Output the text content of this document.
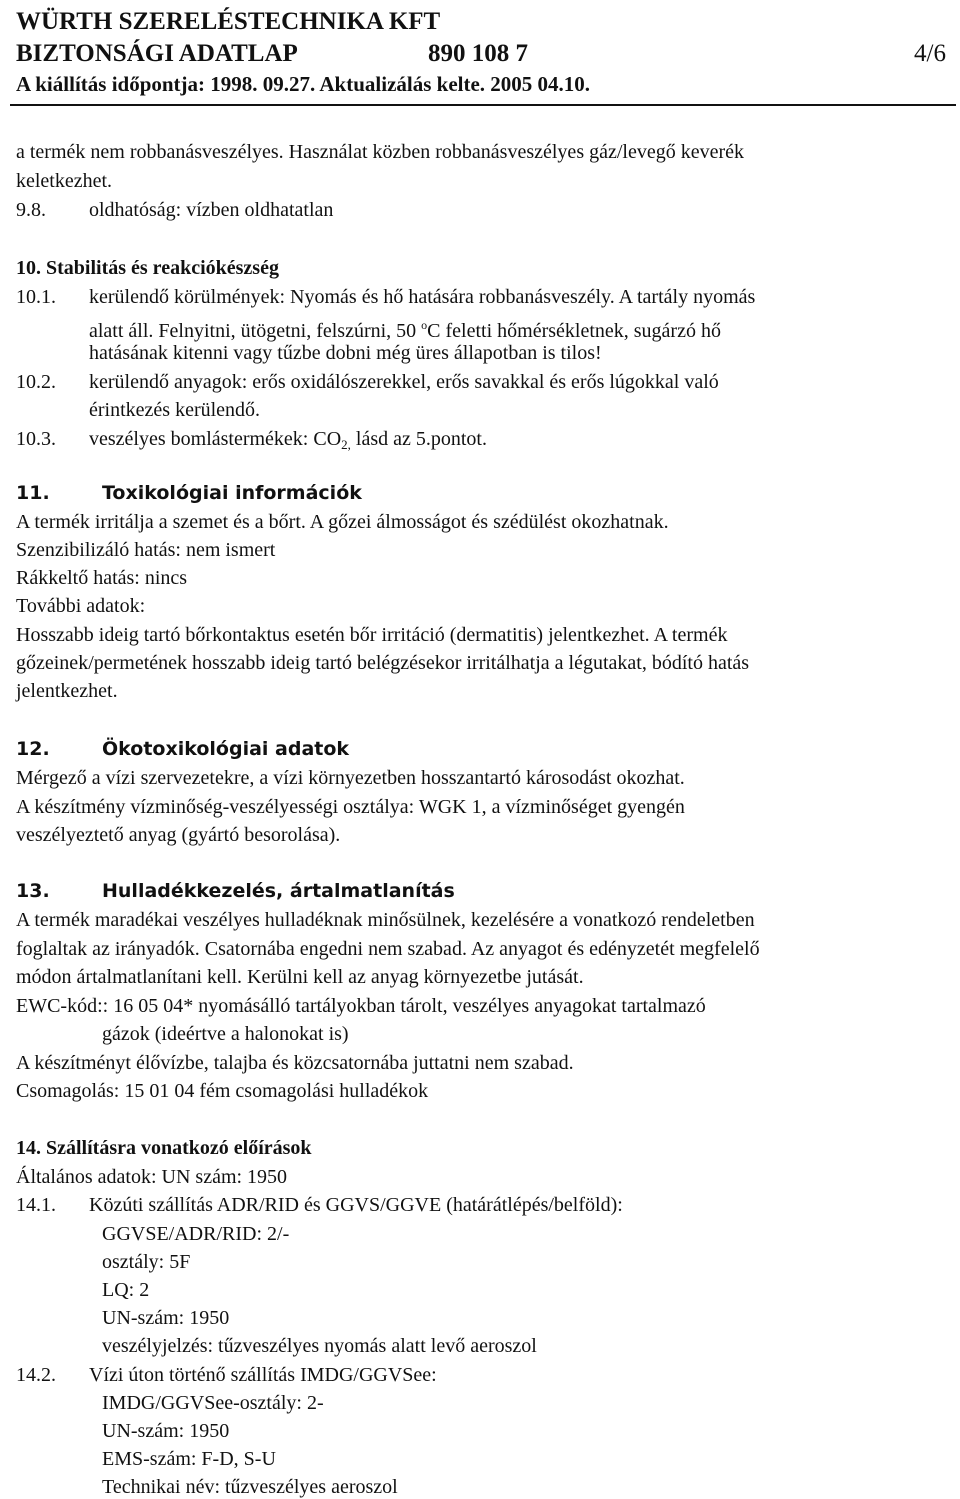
WÜRTH SZERELÉSTECHNIKA KFT
BIZTONSÁGI ADATLAP	890 108 7	4/6
A kiállítás időpontja: 1998. 09.27. Aktualizálás kelte. 2005 04.10.
a termék nem robbanásveszélyes. Használat közben robbanásveszélyes gáz/levegő keverék
keletkezhet.
9.8. oldhatóság: vízben oldhatatlan
10. Stabilitás és reakciókészség
10.1. kerülendő körülmények: Nyomás és hő hatására robbanásveszély. A tartály nyomás
alatt áll. Felnyitni, ütögetni, felszúrni, 50 $^o$C feletti hőmérsékletnek, sugárzó hő
hatásának kitenni vagy tűzbe dobni még üres állapotban is tilos!
10.2. kerülendő anyagok: erős oxidálószerekkel, erős savakkal és erős lúgokkal való
érintkezés kerülendő.
10.3. veszélyes bomlástermékek: $CO_{2,}$ lásd az 5.pontot.
11.	Toxikológiai információk
A termék irritálja a szemet és a bőrt. A gőzei álmosságot és szédülést okozhatnak.
Szenzibilizáló hatás: nem ismert
Rákkeltő hatás: nincs
További adatok:
Hosszabb ideig tartó bőrkontaktus esetén bőr irritáció (dermatitis) jelentkezhet. A termék
gőzeinek/permetének hosszabb ideig tartó belégzésekor irritálhatja a légutakat, bódító hatás
jelentkezhet.
12.	Ökotoxikológiai adatok
Mérgező a vízi szervezetekre, a vízi környezetben hosszantartó károsodást okozhat.
A készítmény vízminőség-veszélyességi osztálya: WGK 1, a vízminőséget gyengén
veszélyeztető anyag (gyártó besorolása).
13.	Hulladékkezelés, ártalmatlanítás
A termék maradékai veszélyes hulladéknak minősülnek, kezelésére a vonatkozó rendeletben
foglaltak az irányadók. Csatornába engedni nem szabad. Az anyagot és edényzetét megfelelő
módon ártalmatlanítani kell. Kerülni kell az anyag környezetbe jutását.
EWC-kód:: 16 05 04* nyomásálló tartályokban tárolt, veszélyes anyagokat tartalmazó
gázok (ideértve a halonokat is)
A készítményt élővízbe, talajba és közcsatornába juttatni nem szabad.
Csomagolás: 15 01 04 fém csomagolási hulladékok
14. Szállításra vonatkozó előírások
Általános adatok: UN szám: 1950
14.1. Közúti szállítás ADR/RID és GGVS/GGVE (határátlépés/belföld):
GGVSE/ADR/RID: 2/-
osztály: 5F
LQ: 2
UN-szám: 1950
veszélyjelzés: tűzveszélyes nyomás alatt levő aeroszol
14.2. Vízi úton történő szállítás IMDG/GGVSee:
IMDG/GGVSee-osztály: 2-
UN-szám: 1950
EMS-szám: F-D, S-U
Technikai név: tűzveszélyes aeroszol
